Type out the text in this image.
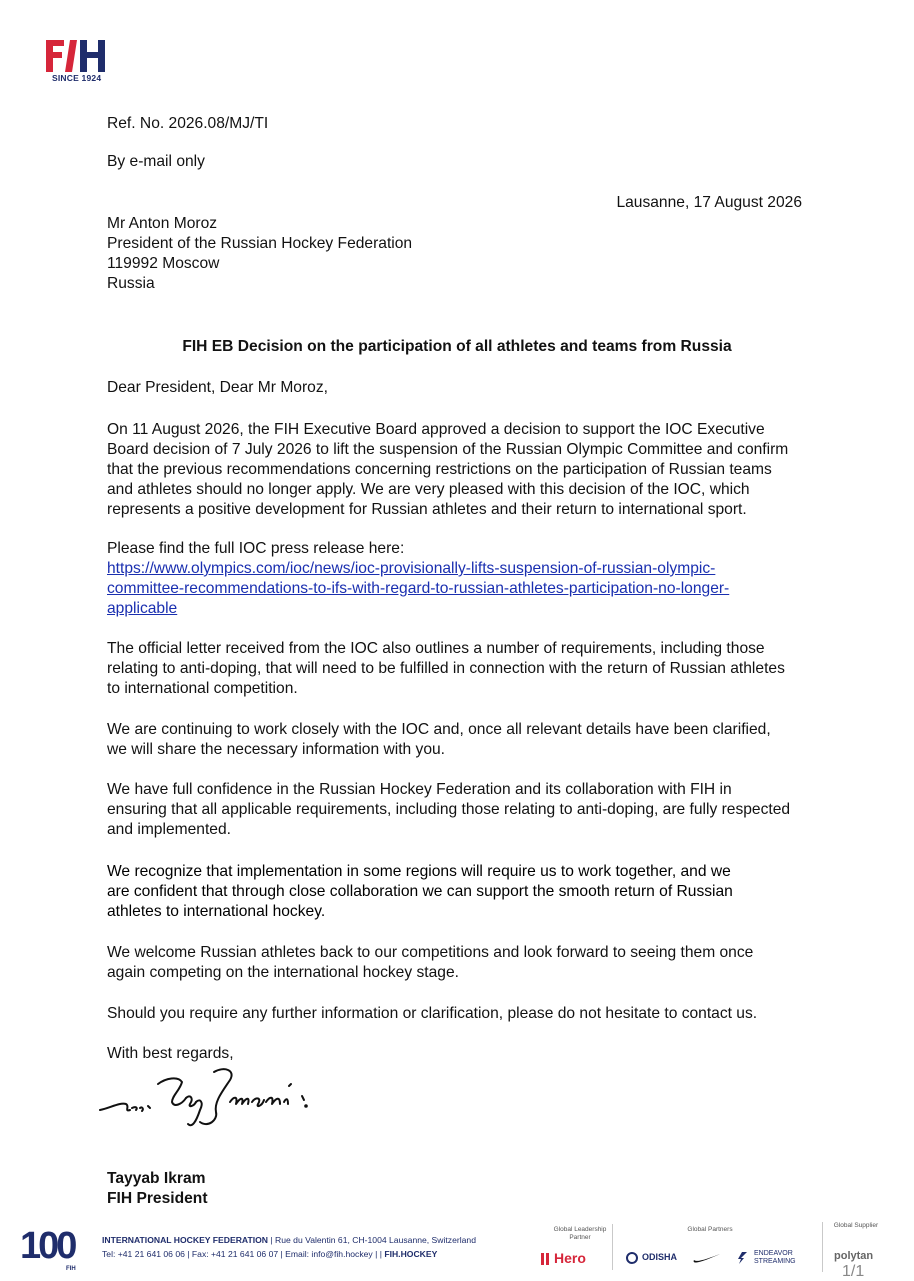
SINCE 1924
Ref. No. 2026.08/MJ/TI
By e-mail only
Lausanne, 17 August 2026
Mr Anton Moroz
President of the Russian Hockey Federation
119992 Moscow
Russia
FIH EB Decision on the participation of all athletes and teams from Russia
Dear President, Dear Mr Moroz,
On 11 August 2026, the FIH Executive Board approved a decision to support the IOC Executive
Board decision of 7 July 2026 to lift the suspension of the Russian Olympic Committee and confirm
that the previous recommendations concerning restrictions on the participation of Russian teams
and athletes should no longer apply. We are very pleased with this decision of the IOC, which
represents a positive development for Russian athletes and their return to international sport.
Please find the full IOC press release here:
https://www.olympics.com/ioc/news/ioc-provisionally-lifts-suspension-of-russian-olympic-
committee-recommendations-to-ifs-with-regard-to-russian-athletes-participation-no-longer-
applicable
The official letter received from the IOC also outlines a number of requirements, including those
relating to anti-doping, that will need to be fulfilled in connection with the return of Russian athletes
to international competition.
We are continuing to work closely with the IOC and, once all relevant details have been clarified,
we will share the necessary information with you.
We have full confidence in the Russian Hockey Federation and its collaboration with FIH in
ensuring that all applicable requirements, including those relating to anti-doping, are fully respected
and implemented.
We recognize that implementation in some regions will require us to work together, and we
are confident that through close collaboration we can support the smooth return of Russian
athletes to international hockey.
We welcome Russian athletes back to our competitions and look forward to seeing them once
again competing on the international hockey stage.
Should you require any further information or clarification, please do not hesitate to contact us.
With best regards,
Tayyab Ikram
FIH President
100
FIH
INTERNATIONAL HOCKEY FEDERATION | Rue du Valentin 61, CH-1004 Lausanne, Switzerland
Tel: +41 21 641 06 06 | Fax: +41 21 641 06 07 | Email: info@fih.hockey | | FIH.HOCKEY
Global Leadership Partner
Hero
Global Partners
ODISHA	ENDEAVOR STREAMING
Global Supplier
polytan
1/1
